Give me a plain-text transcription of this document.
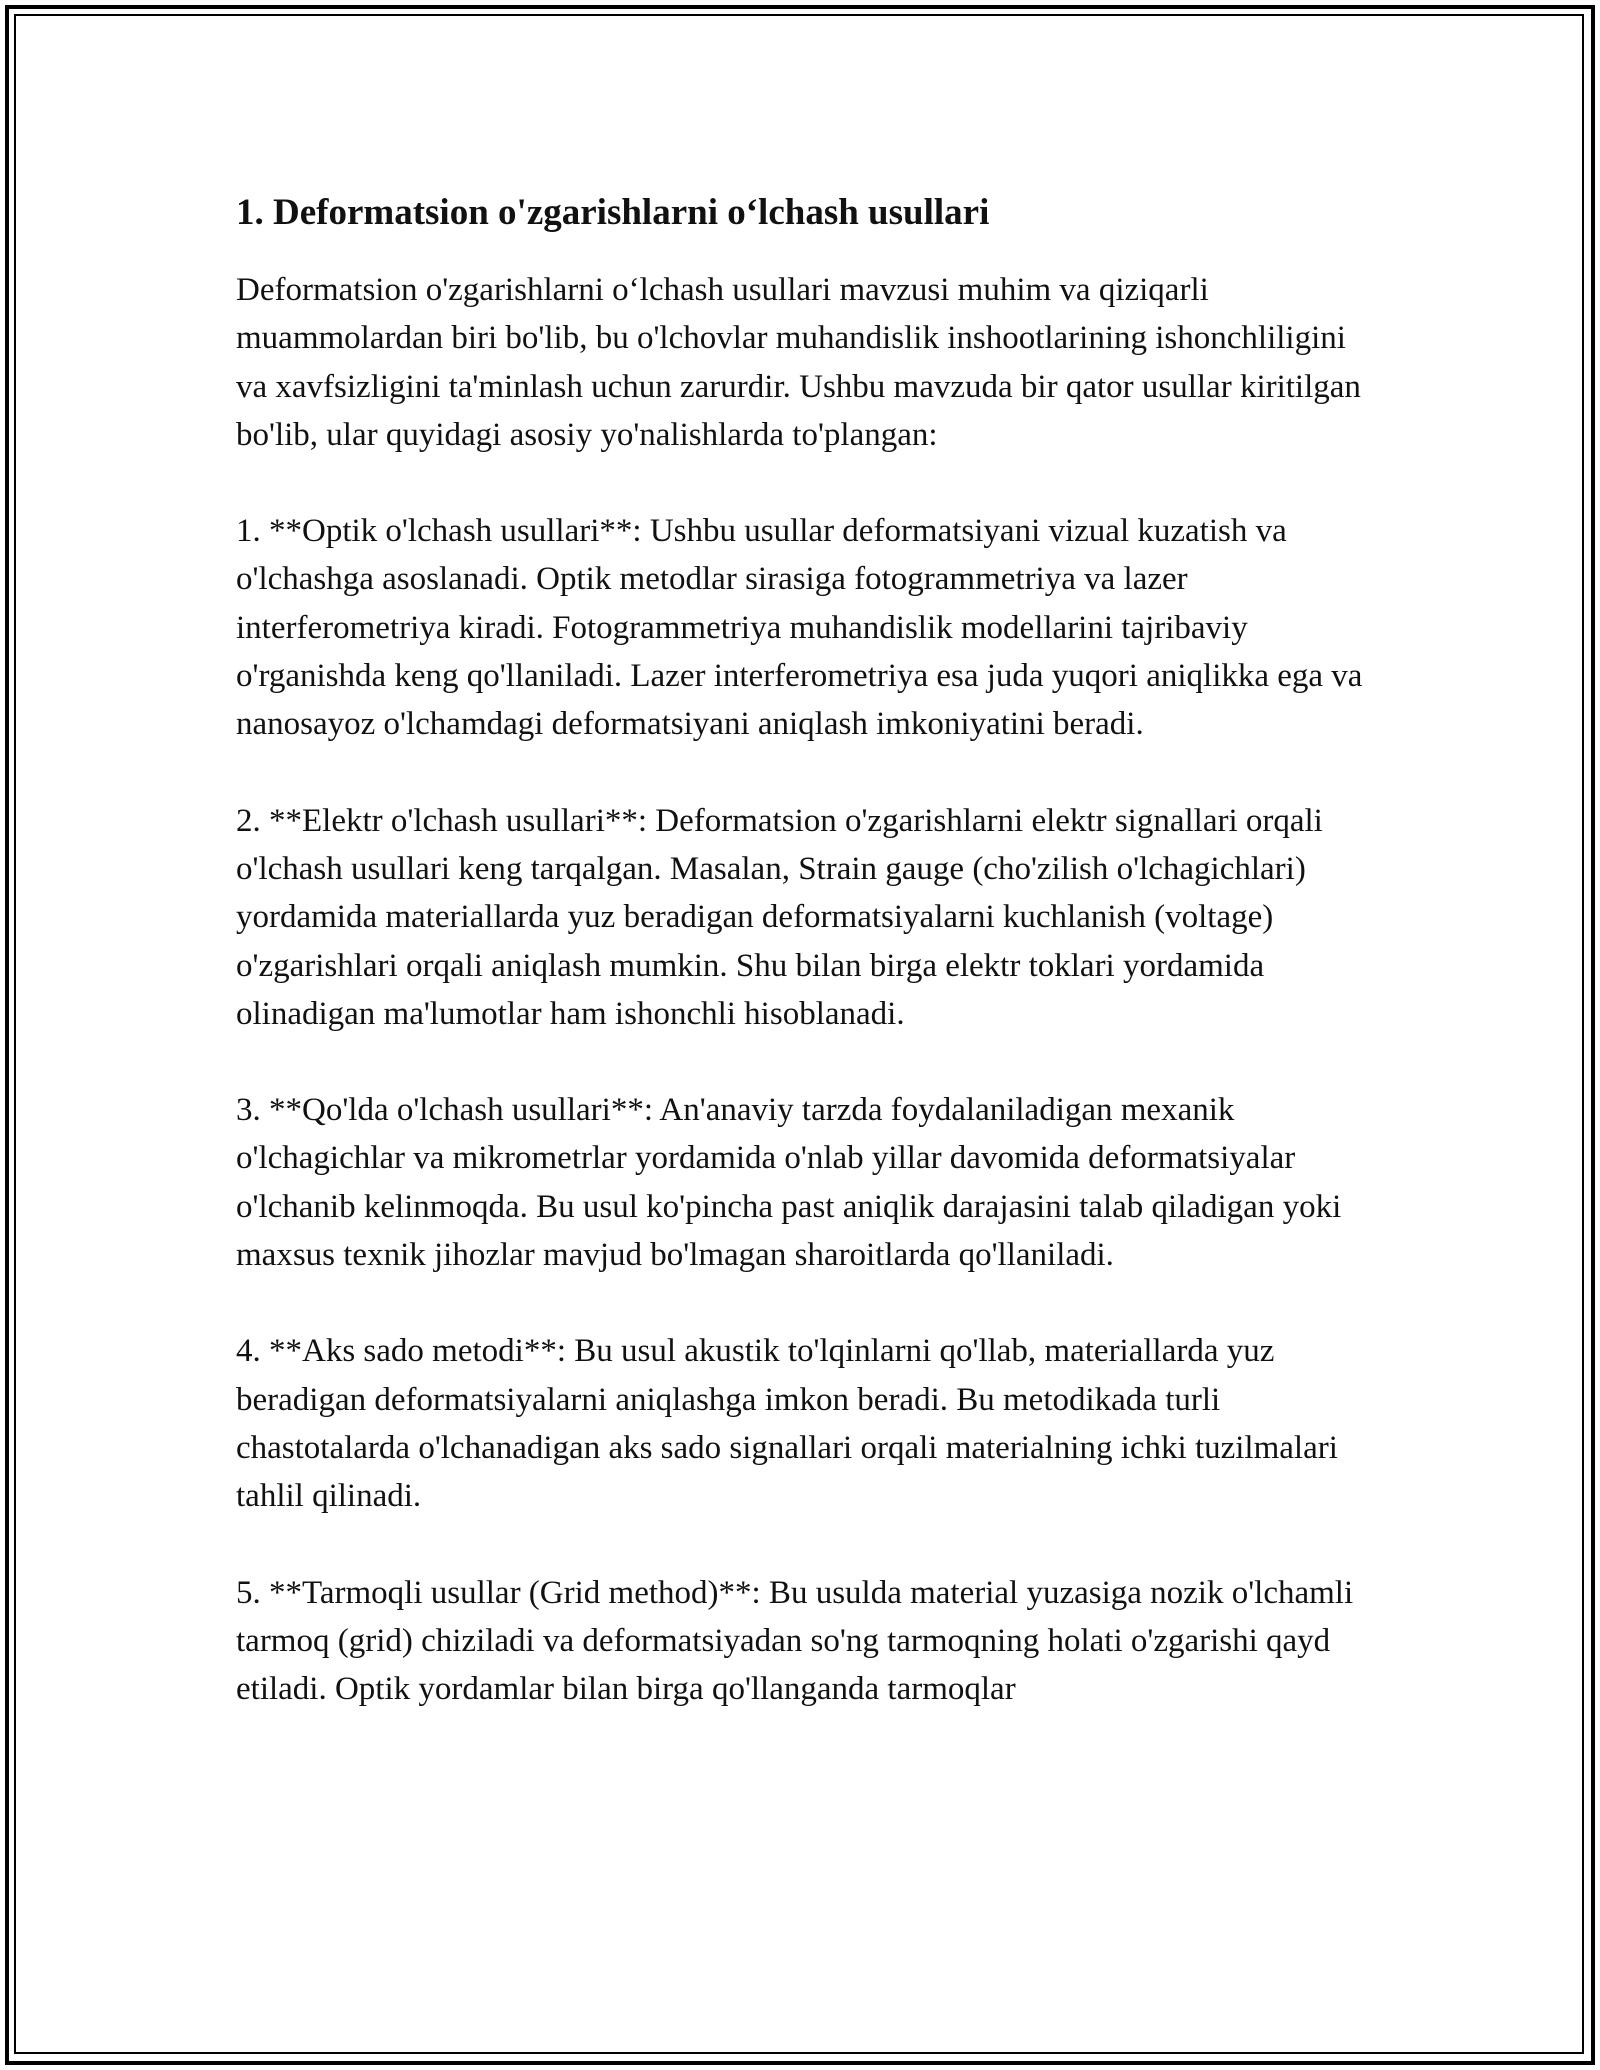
1. Deformatsion o'zgarishlarni o‘lchash usullari

Deformatsion o'zgarishlarni o‘lchash usullari mavzusi muhim va qiziqarli muammolardan biri bo'lib, bu o'lchovlar muhandislik inshootlarining ishonchliligini va xavfsizligini ta'minlash uchun zarurdir. Ushbu mavzuda bir qator usullar kiritilgan bo'lib, ular quyidagi asosiy yo'nalishlarda to'plangan:

1. **Optik o'lchash usullari**: Ushbu usullar deformatsiyani vizual kuzatish va o'lchashga asoslanadi. Optik metodlar sirasiga fotogrammetriya va lazer interferometriya kiradi. Fotogrammetriya muhandislik modellarini tajribaviy o'rganishda keng qo'llaniladi. Lazer interferometriya esa juda yuqori aniqlikka ega va nanosayoz o'lchamdagi deformatsiyani aniqlash imkoniyatini beradi.

2. **Elektr o'lchash usullari**: Deformatsion o'zgarishlarni elektr signallari orqali o'lchash usullari keng tarqalgan. Masalan, Strain gauge (cho'zilish o'lchagichlari) yordamida materiallarda yuz beradigan deformatsiyalarni kuchlanish (voltage) o'zgarishlari orqali aniqlash mumkin. Shu bilan birga elektr toklari yordamida olinadigan ma'lumotlar ham ishonchli hisoblanadi.

3. **Qo'lda o'lchash usullari**: An'anaviy tarzda foydalaniladigan mexanik o'lchagichlar va mikrometrlar yordamida o'nlab yillar davomida deformatsiyalar o'lchanib kelinmoqda. Bu usul ko'pincha past aniqlik darajasini talab qiladigan yoki maxsus texnik jihozlar mavjud bo'lmagan sharoitlarda qo'llaniladi.

4. **Aks sado metodi**: Bu usul akustik to'lqinlarni qo'llab, materiallarda yuz beradigan deformatsiyalarni aniqlashga imkon beradi. Bu metodikada turli chastotalarda o'lchanadigan aks sado signallari orqali materialning ichki tuzilmalari tahlil qilinadi.

5. **Tarmoqli usullar (Grid method)**: Bu usulda material yuzasiga nozik o'lchamli tarmoq (grid) chiziladi va deformatsiyadan so'ng tarmoqning holati o'zgarishi qayd etiladi. Optik yordamlar bilan birga qo'llanganda tarmoqlar
